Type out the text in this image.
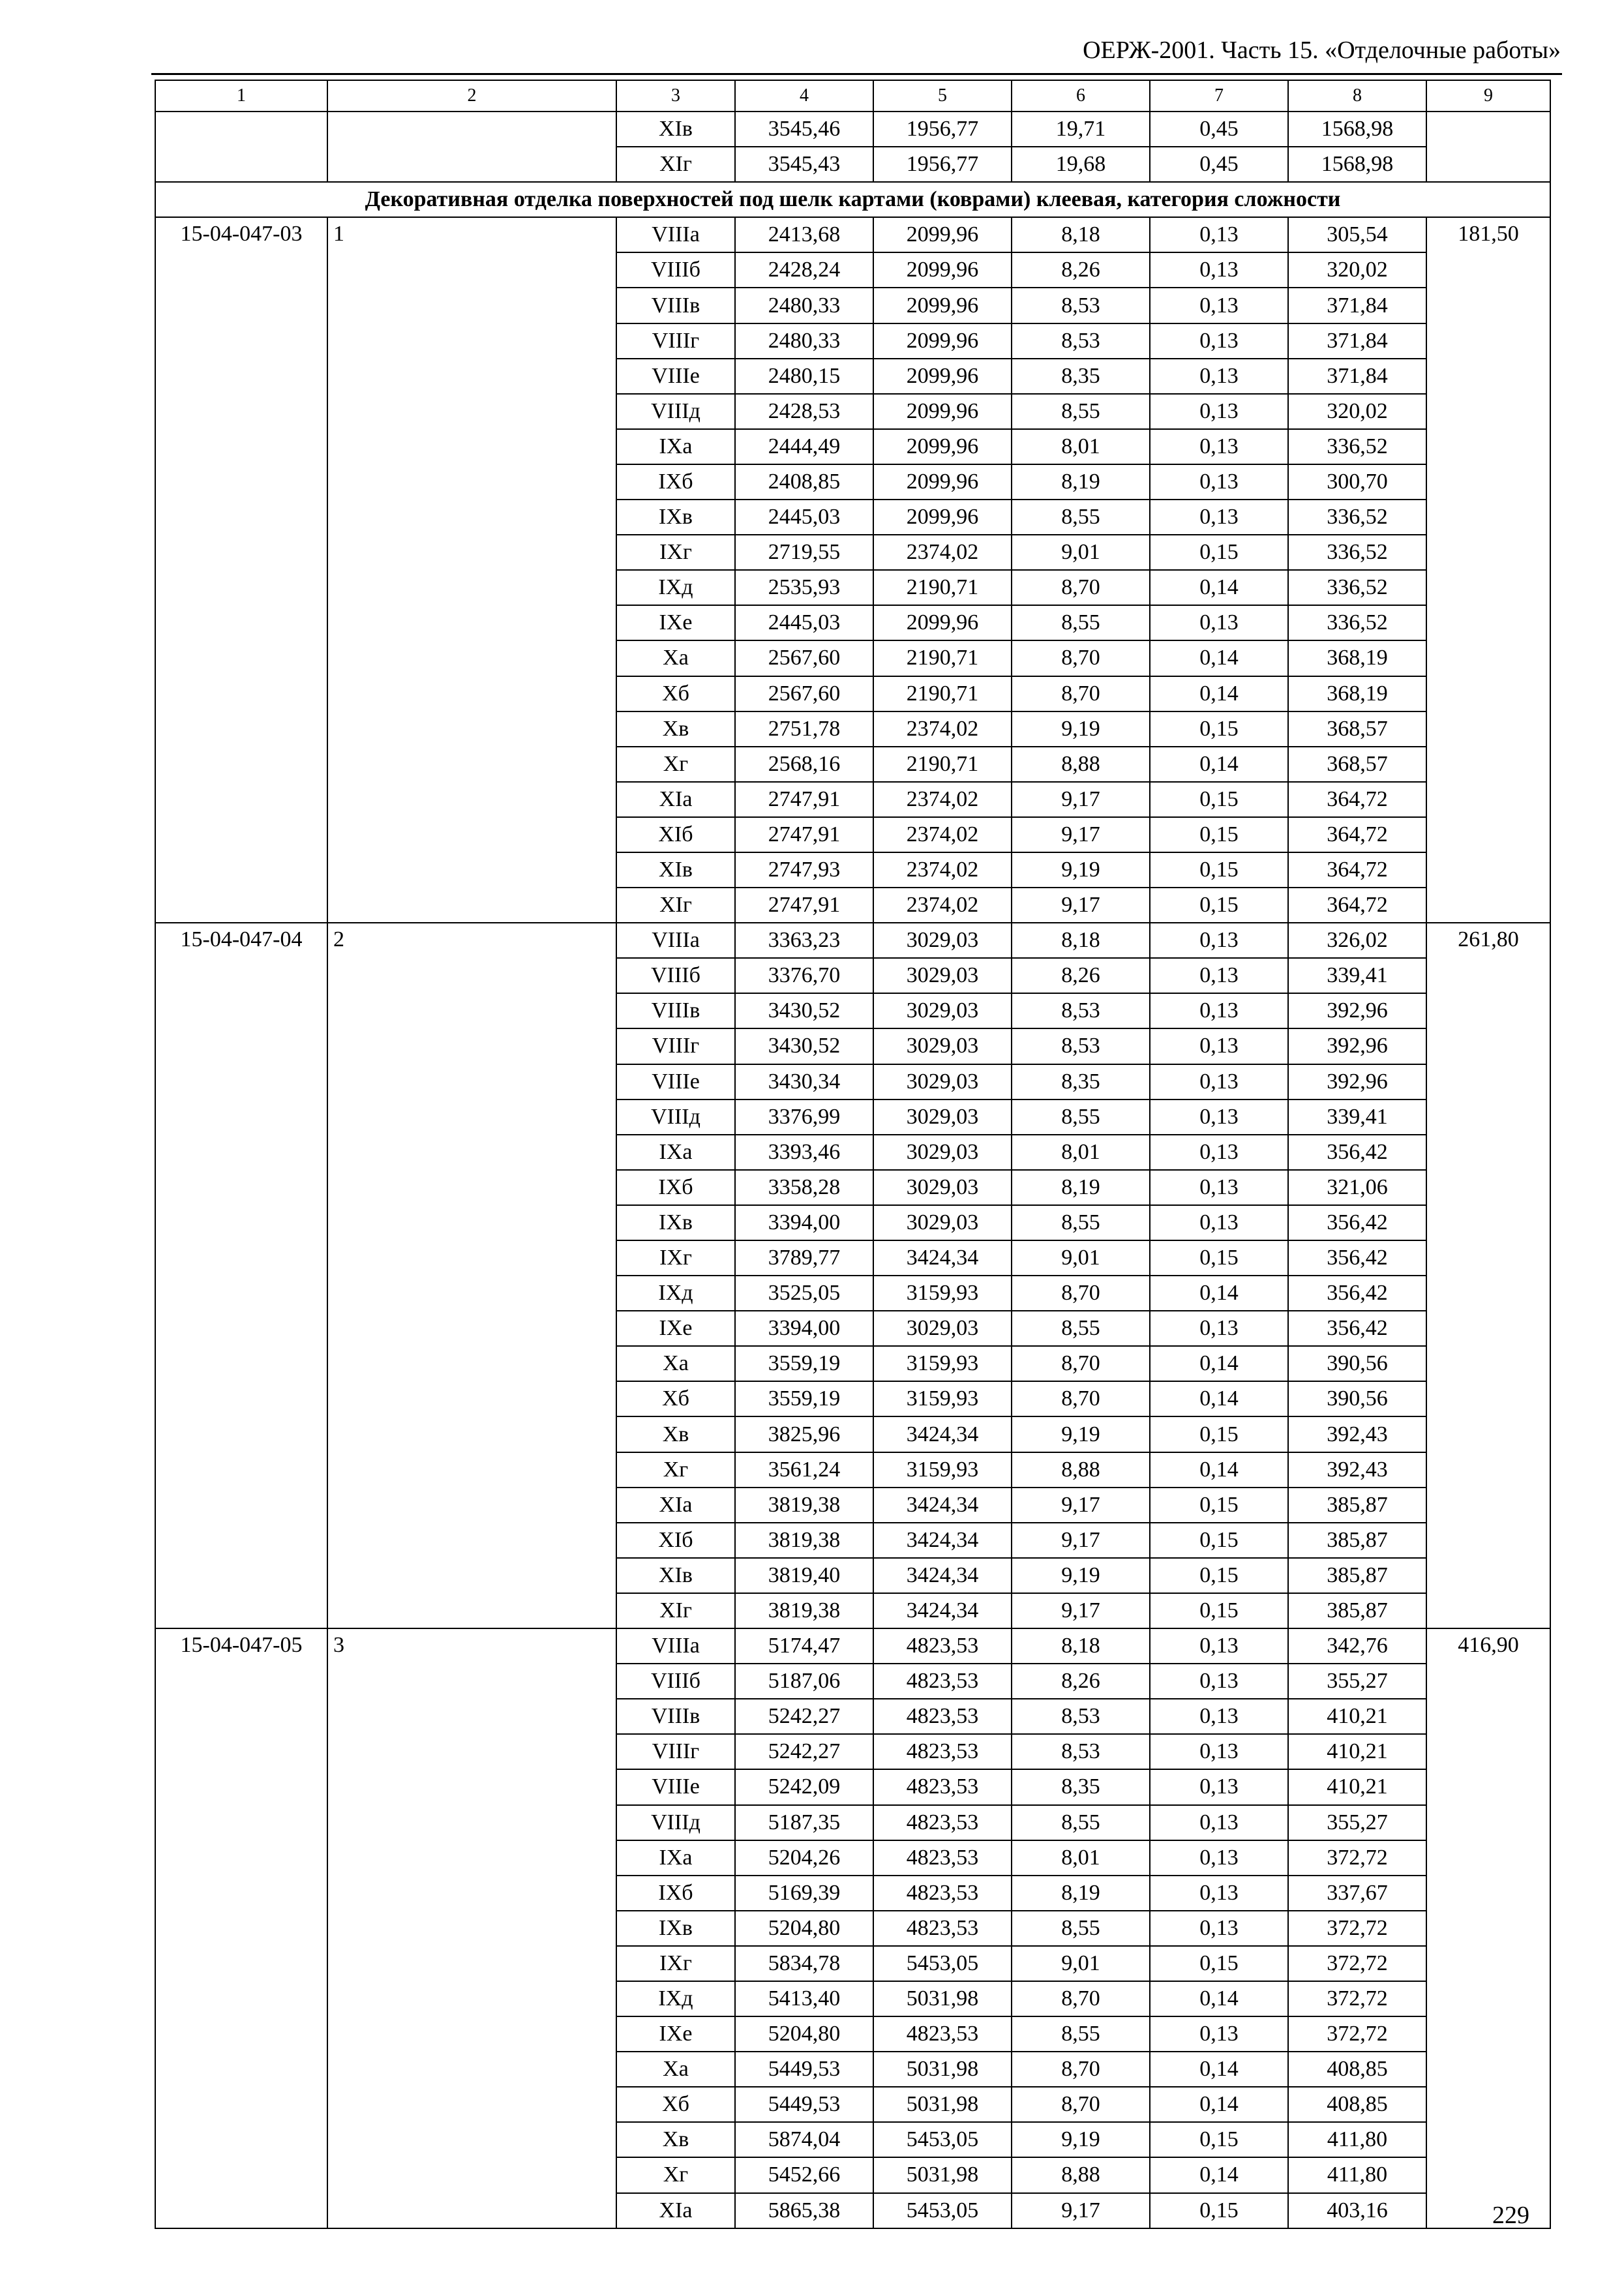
ОЕРЖ-2001. Часть 15. «Отделочные работы»
1	2	3	4	5	6	7	8	9
		XIв	3545,46	1956,77	19,71	0,45	1568,98	
		XIг	3545,43	1956,77	19,68	0,45	1568,98	
Декоративная отделка поверхностей под шелк картами (коврами) клеевая, категория сложности								
15-04-047-03	1	VIIIа	2413,68	2099,96	8,18	0,13	305,54	181,50
		VIIIб	2428,24	2099,96	8,26	0,13	320,02	
		VIIIв	2480,33	2099,96	8,53	0,13	371,84	
		VIIIг	2480,33	2099,96	8,53	0,13	371,84	
		VIIIе	2480,15	2099,96	8,35	0,13	371,84	
		VIIIд	2428,53	2099,96	8,55	0,13	320,02	
		IXа	2444,49	2099,96	8,01	0,13	336,52	
		IXб	2408,85	2099,96	8,19	0,13	300,70	
		IXв	2445,03	2099,96	8,55	0,13	336,52	
		IXг	2719,55	2374,02	9,01	0,15	336,52	
		IXд	2535,93	2190,71	8,70	0,14	336,52	
		IXе	2445,03	2099,96	8,55	0,13	336,52	
		Xа	2567,60	2190,71	8,70	0,14	368,19	
		Xб	2567,60	2190,71	8,70	0,14	368,19	
		Xв	2751,78	2374,02	9,19	0,15	368,57	
		Xг	2568,16	2190,71	8,88	0,14	368,57	
		XIа	2747,91	2374,02	9,17	0,15	364,72	
		XIб	2747,91	2374,02	9,17	0,15	364,72	
		XIв	2747,93	2374,02	9,19	0,15	364,72	
		XIг	2747,91	2374,02	9,17	0,15	364,72	
15-04-047-04	2	VIIIа	3363,23	3029,03	8,18	0,13	326,02	261,80
		VIIIб	3376,70	3029,03	8,26	0,13	339,41	
		VIIIв	3430,52	3029,03	8,53	0,13	392,96	
		VIIIг	3430,52	3029,03	8,53	0,13	392,96	
		VIIIе	3430,34	3029,03	8,35	0,13	392,96	
		VIIIд	3376,99	3029,03	8,55	0,13	339,41	
		IXа	3393,46	3029,03	8,01	0,13	356,42	
		IXб	3358,28	3029,03	8,19	0,13	321,06	
		IXв	3394,00	3029,03	8,55	0,13	356,42	
		IXг	3789,77	3424,34	9,01	0,15	356,42	
		IXд	3525,05	3159,93	8,70	0,14	356,42	
		IXе	3394,00	3029,03	8,55	0,13	356,42	
		Xа	3559,19	3159,93	8,70	0,14	390,56	
		Xб	3559,19	3159,93	8,70	0,14	390,56	
		Xв	3825,96	3424,34	9,19	0,15	392,43	
		Xг	3561,24	3159,93	8,88	0,14	392,43	
		XIа	3819,38	3424,34	9,17	0,15	385,87	
		XIб	3819,38	3424,34	9,17	0,15	385,87	
		XIв	3819,40	3424,34	9,19	0,15	385,87	
		XIг	3819,38	3424,34	9,17	0,15	385,87	
15-04-047-05	3	VIIIа	5174,47	4823,53	8,18	0,13	342,76	416,90
		VIIIб	5187,06	4823,53	8,26	0,13	355,27	
		VIIIв	5242,27	4823,53	8,53	0,13	410,21	
		VIIIг	5242,27	4823,53	8,53	0,13	410,21	
		VIIIе	5242,09	4823,53	8,35	0,13	410,21	
		VIIIд	5187,35	4823,53	8,55	0,13	355,27	
		IXа	5204,26	4823,53	8,01	0,13	372,72	
		IXб	5169,39	4823,53	8,19	0,13	337,67	
		IXв	5204,80	4823,53	8,55	0,13	372,72	
		IXг	5834,78	5453,05	9,01	0,15	372,72	
		IXд	5413,40	5031,98	8,70	0,14	372,72	
		IXе	5204,80	4823,53	8,55	0,13	372,72	
		Xа	5449,53	5031,98	8,70	0,14	408,85	
		Xб	5449,53	5031,98	8,70	0,14	408,85	
		Xв	5874,04	5453,05	9,19	0,15	411,80	
		Xг	5452,66	5031,98	8,88	0,14	411,80	
		XIа	5865,38	5453,05	9,17	0,15	403,16		229
